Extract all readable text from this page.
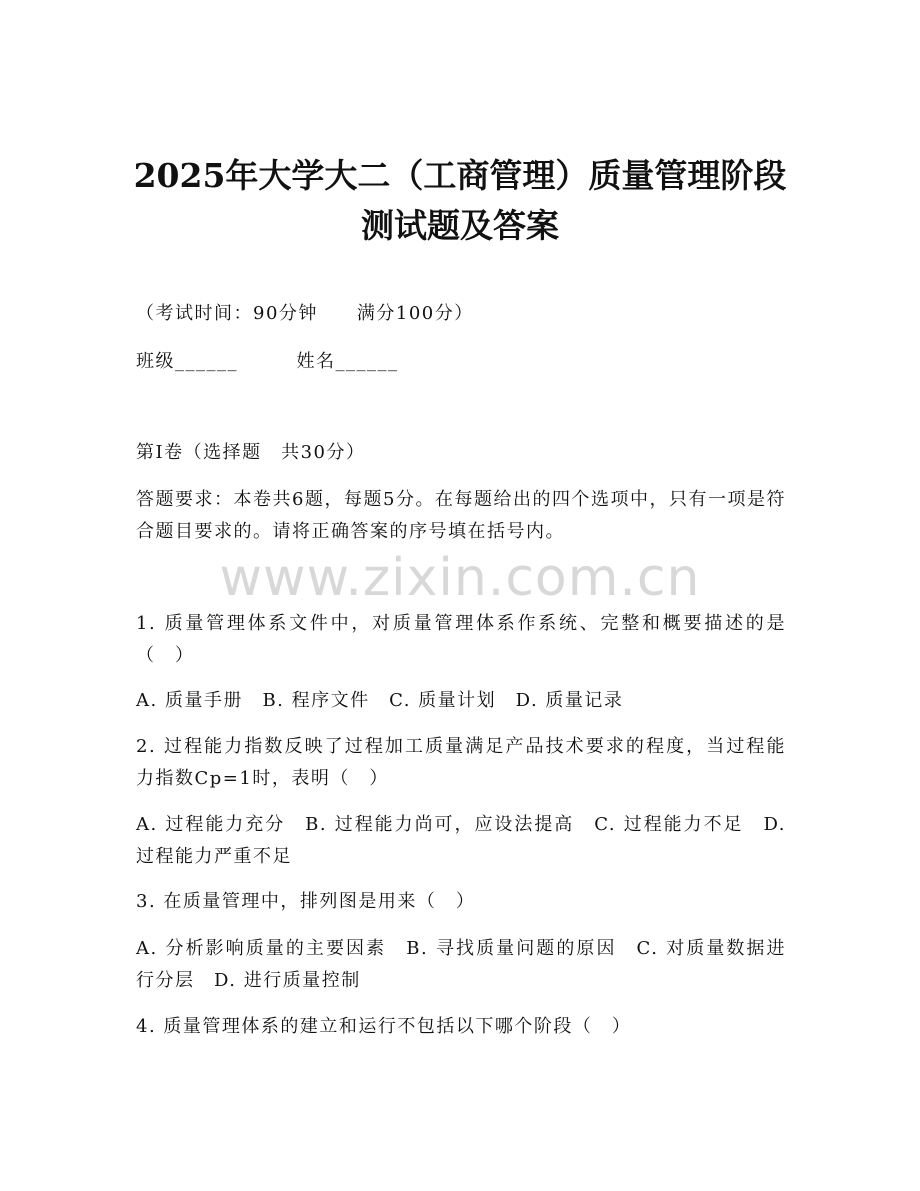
2025年大学大二（工商管理）质量管理阶段
测试题及答案
（考试时间：90分钟　　满分100分）
班级______　　　姓名______
第Ⅰ卷（选择题　共30分）
答题要求：本卷共6题，每题5分。在每题给出的四个选项中，只有一项是符合题目要求的。请将正确答案的序号填在括号内。
www.zixin.com.cn
1. 质量管理体系文件中，对质量管理体系作系统、完整和概要描述的是（　）
A. 质量手册　B. 程序文件　C. 质量计划　D. 质量记录
2. 过程能力指数反映了过程加工质量满足产品技术要求的程度，当过程能力指数Cp=1时，表明（　）
A. 过程能力充分　B. 过程能力尚可，应设法提高　C. 过程能力不足　D. 过程能力严重不足
3. 在质量管理中，排列图是用来（　）
A. 分析影响质量的主要因素　B. 寻找质量问题的原因　C. 对质量数据进行分层　D. 进行质量控制
4. 质量管理体系的建立和运行不包括以下哪个阶段（　）
